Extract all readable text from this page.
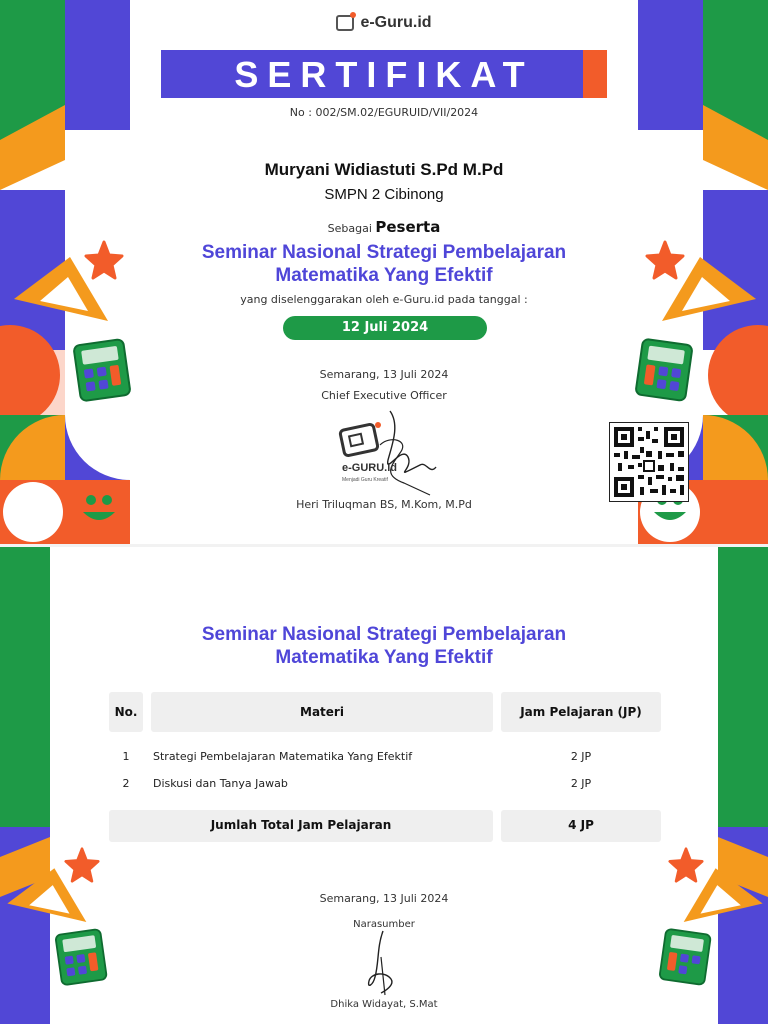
e-Guru.id
SERTIFIKAT
No : 002/SM.02/EGURUID/VII/2024
Muryani Widiastuti S.Pd M.Pd
SMPN 2 Cibinong
Sebagai Peserta
Seminar Nasional Strategi Pembelajaran
Matematika Yang Efektif
yang diselenggarakan oleh e-Guru.id pada tanggal :
12 Juli 2024
Semarang, 13 Juli 2024
Chief Executive Officer
e-GURU.id
Menjadi Guru Kreatif
Heri Triluqman BS, M.Kom, M.Pd
Seminar Nasional Strategi Pembelajaran
Matematika Yang Efektif
No.	Materi	Jam Pelajaran (JP)
1	Strategi Pembelajaran Matematika Yang Efektif	2 JP
2	Diskusi dan Tanya Jawab	2 JP
Jumlah Total Jam Pelajaran	4 JP
Semarang, 13 Juli 2024
Narasumber
Dhika Widayat, S.Mat
